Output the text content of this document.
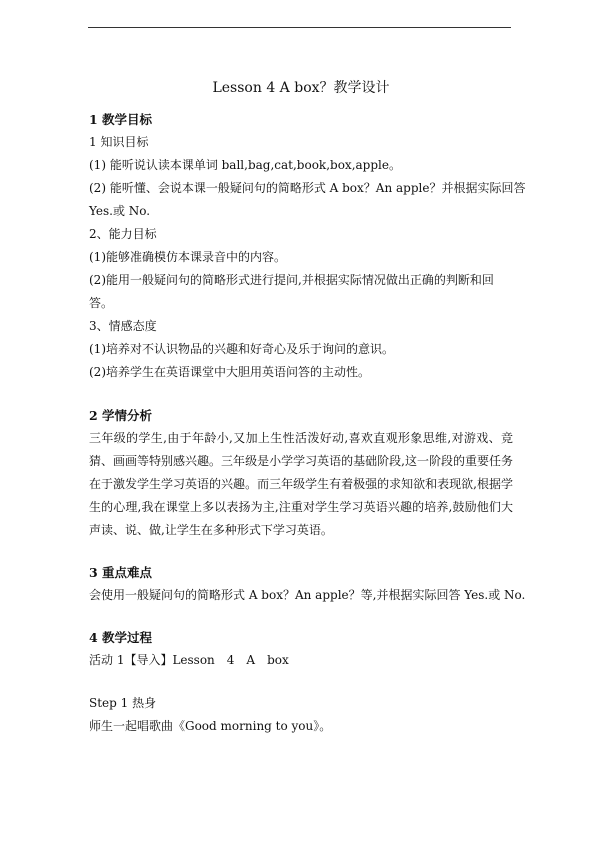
Lesson 4 A box？教学设计
1 教学目标
1 知识目标
(1) 能听说认读本课单词 ball,bag,cat,book,box,apple。
(2) 能听懂、会说本课一般疑问句的简略形式 A box？An apple？并根据实际回答
Yes.或 No.
2、能力目标
(1)能够准确模仿本课录音中的内容。
(2)能用一般疑问句的简略形式进行提问,并根据实际情况做出正确的判断和回
答。
3、情感态度
(1)培养对不认识物品的兴趣和好奇心及乐于询问的意识。
(2)培养学生在英语课堂中大胆用英语问答的主动性。
2 学情分析
三年级的学生,由于年龄小,又加上生性活泼好动,喜欢直观形象思维,对游戏、竞猜、画画等特别感兴趣。三年级是小学学习英语的基础阶段,这一阶段的重要任务在于激发学生学习英语的兴趣。而三年级学生有着极强的求知欲和表现欲,根据学生的心理,我在课堂上多以表扬为主,注重对学生学习英语兴趣的培养,鼓励他们大声读、说、做,让学生在多种形式下学习英语。
3 重点难点
会使用一般疑问句的简略形式 A box？An apple？等,并根据实际回答 Yes.或 No.
4 教学过程
活动 1【导入】Lesson　4　A　box
Step 1 热身
师生一起唱歌曲《Good morning to you》。
